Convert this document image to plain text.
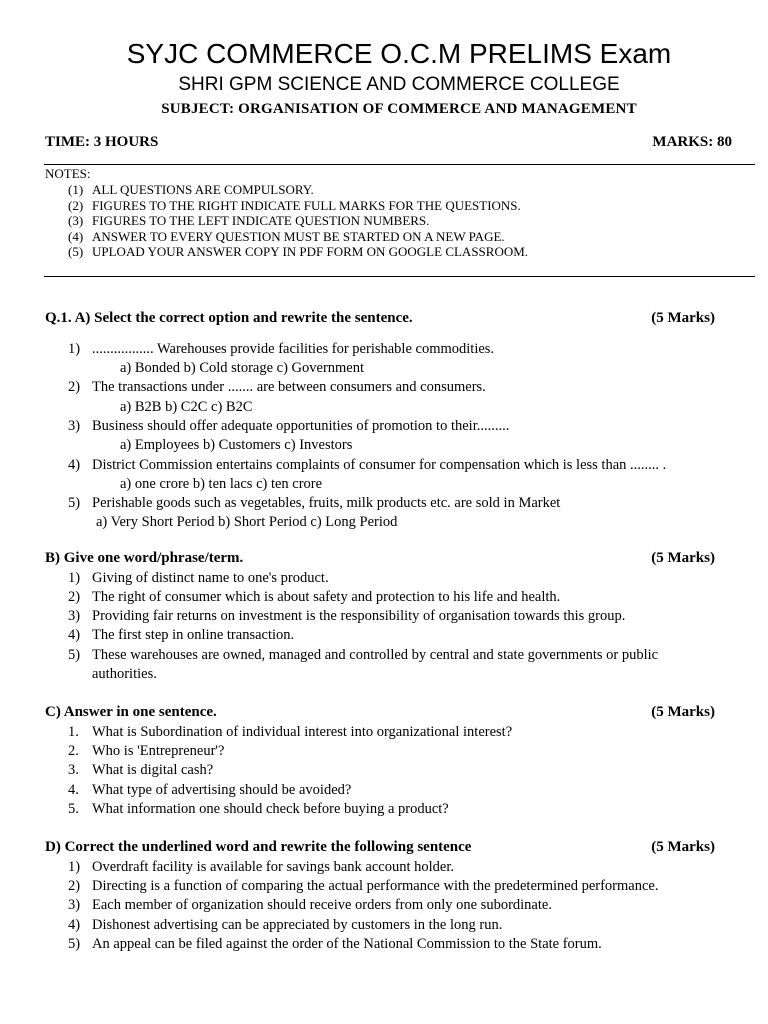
SYJC COMMERCE O.C.M PRELIMS Exam
SHRI GPM SCIENCE AND COMMERCE COLLEGE
SUBJECT: ORGANISATION OF COMMERCE AND MANAGEMENT
TIME: 3 HOURS	MARKS: 80
NOTES:
(1) ALL QUESTIONS ARE COMPULSORY.
(2) FIGURES TO THE RIGHT INDICATE FULL MARKS FOR THE QUESTIONS.
(3) FIGURES TO THE LEFT INDICATE QUESTION NUMBERS.
(4) ANSWER TO EVERY QUESTION MUST BE STARTED ON A NEW PAGE.
(5) UPLOAD YOUR ANSWER COPY IN PDF FORM ON GOOGLE CLASSROOM.
Q.1. A) Select the correct option and rewrite the sentence.	(5 Marks)
1) ................. Warehouses provide facilities for perishable commodities.
a) Bonded b) Cold storage c) Government
2) The transactions under ....... are between consumers and consumers.
a) B2B b) C2C c) B2C
3) Business should offer adequate opportunities of promotion to their.........
a) Employees b) Customers c) Investors
4) District Commission entertains complaints of consumer for compensation which is less than ........ .
a) one crore b) ten lacs c) ten crore
5) Perishable goods such as vegetables, fruits, milk products etc. are sold in Market
a) Very Short Period b) Short Period c) Long Period
B) Give one word/phrase/term.	(5 Marks)
1) Giving of distinct name to one's product.
2) The right of consumer which is about safety and protection to his life and health.
3) Providing fair returns on investment is the responsibility of organisation towards this group.
4) The first step in online transaction.
5) These warehouses are owned, managed and controlled by central and state governments or public
authorities.
C) Answer in one sentence.	(5 Marks)
1. What is Subordination of individual interest into organizational interest?
2. Who is 'Entrepreneur'?
3. What is digital cash?
4. What type of advertising should be avoided?
5. What information one should check before buying a product?
D) Correct the underlined word and rewrite the following sentence	(5 Marks)
1) Overdraft facility is available for savings bank account holder.
2) Directing is a function of comparing the actual performance with the predetermined performance.
3) Each member of organization should receive orders from only one subordinate.
4) Dishonest advertising can be appreciated by customers in the long run.
5) An appeal can be filed against the order of the National Commission to the State forum.
